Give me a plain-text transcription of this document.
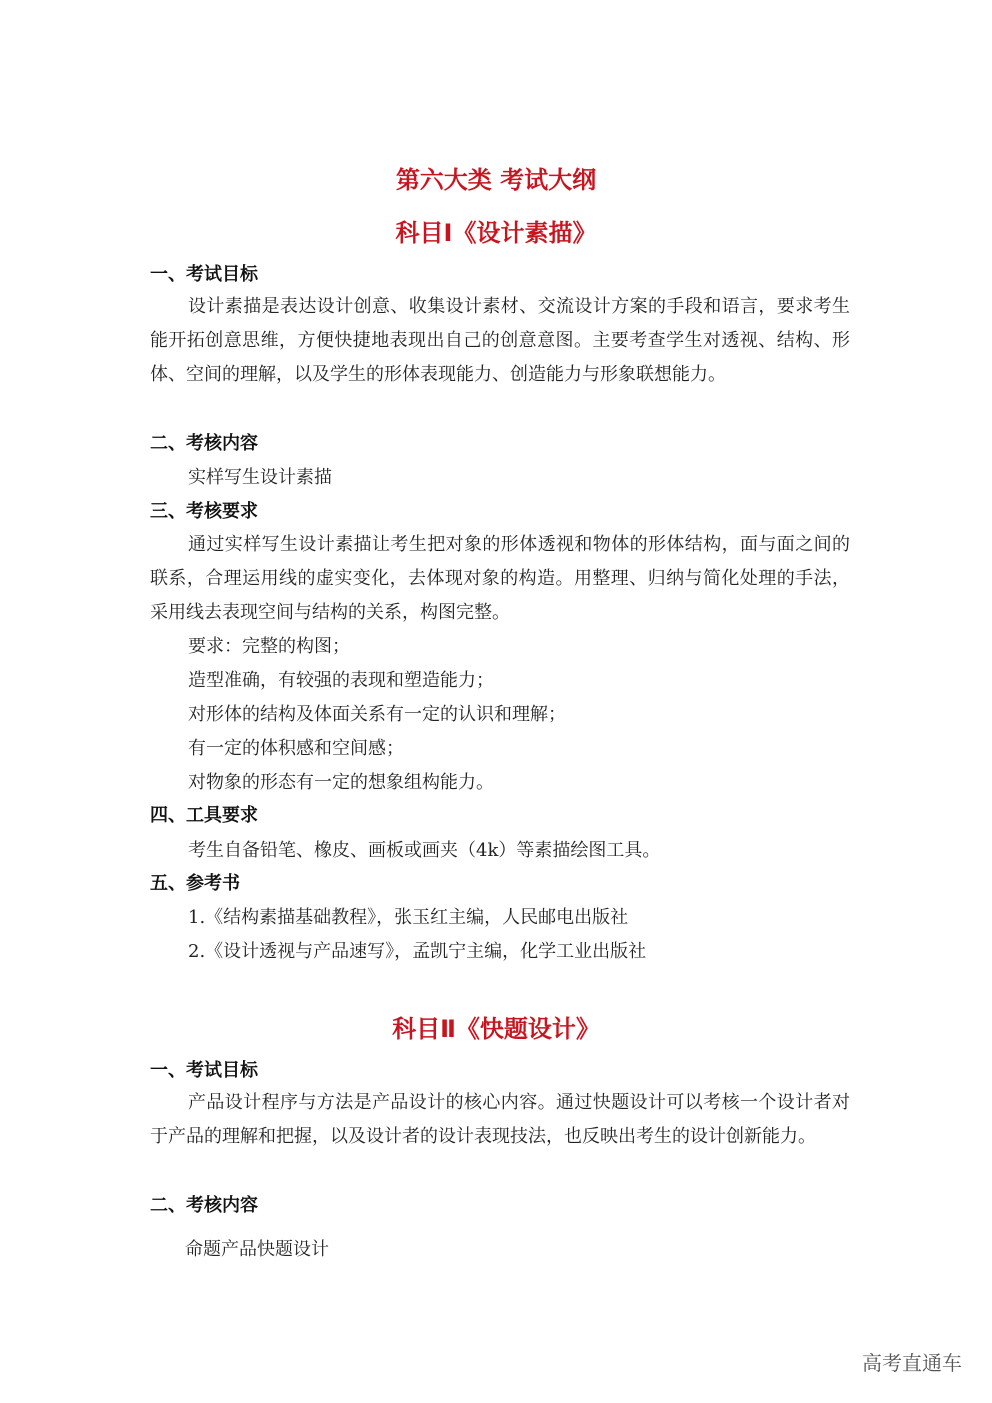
第六大类 考试大纲
科目Ⅰ《设计素描》
一、考试目标

设计素描是表达设计创意、收集设计素材、交流设计方案的手段和语言，要求考生能开拓创意思维，方便快捷地表现出自己的创意意图。主要考查学生对透视、结构、形体、空间的理解，以及学生的形体表现能力、创造能力与形象联想能力。

二、考核内容
实样写生设计素描
三、考核要求

通过实样写生设计素描让考生把对象的形体透视和物体的形体结构，面与面之间的联系，合理运用线的虚实变化，去体现对象的构造。用整理、归纳与简化处理的手法，采用线去表现空间与结构的关系，构图完整。

要求：完整的构图；
造型准确，有较强的表现和塑造能力；
对形体的结构及体面关系有一定的认识和理解；
有一定的体积感和空间感；
对物象的形态有一定的想象组构能力。
四、工具要求
考生自备铅笔、橡皮、画板或画夹（4k）等素描绘图工具。
五、参考书
1.《结构素描基础教程》，张玉红主编，人民邮电出版社
2.《设计透视与产品速写》，孟凯宁主编，化学工业出版社
科目Ⅱ《快题设计》
一、考试目标

产品设计程序与方法是产品设计的核心内容。通过快题设计可以考核一个设计者对于产品的理解和把握，以及设计者的设计表现技法，也反映出考生的设计创新能力。

二、考核内容
命题产品快题设计
高考直通车
